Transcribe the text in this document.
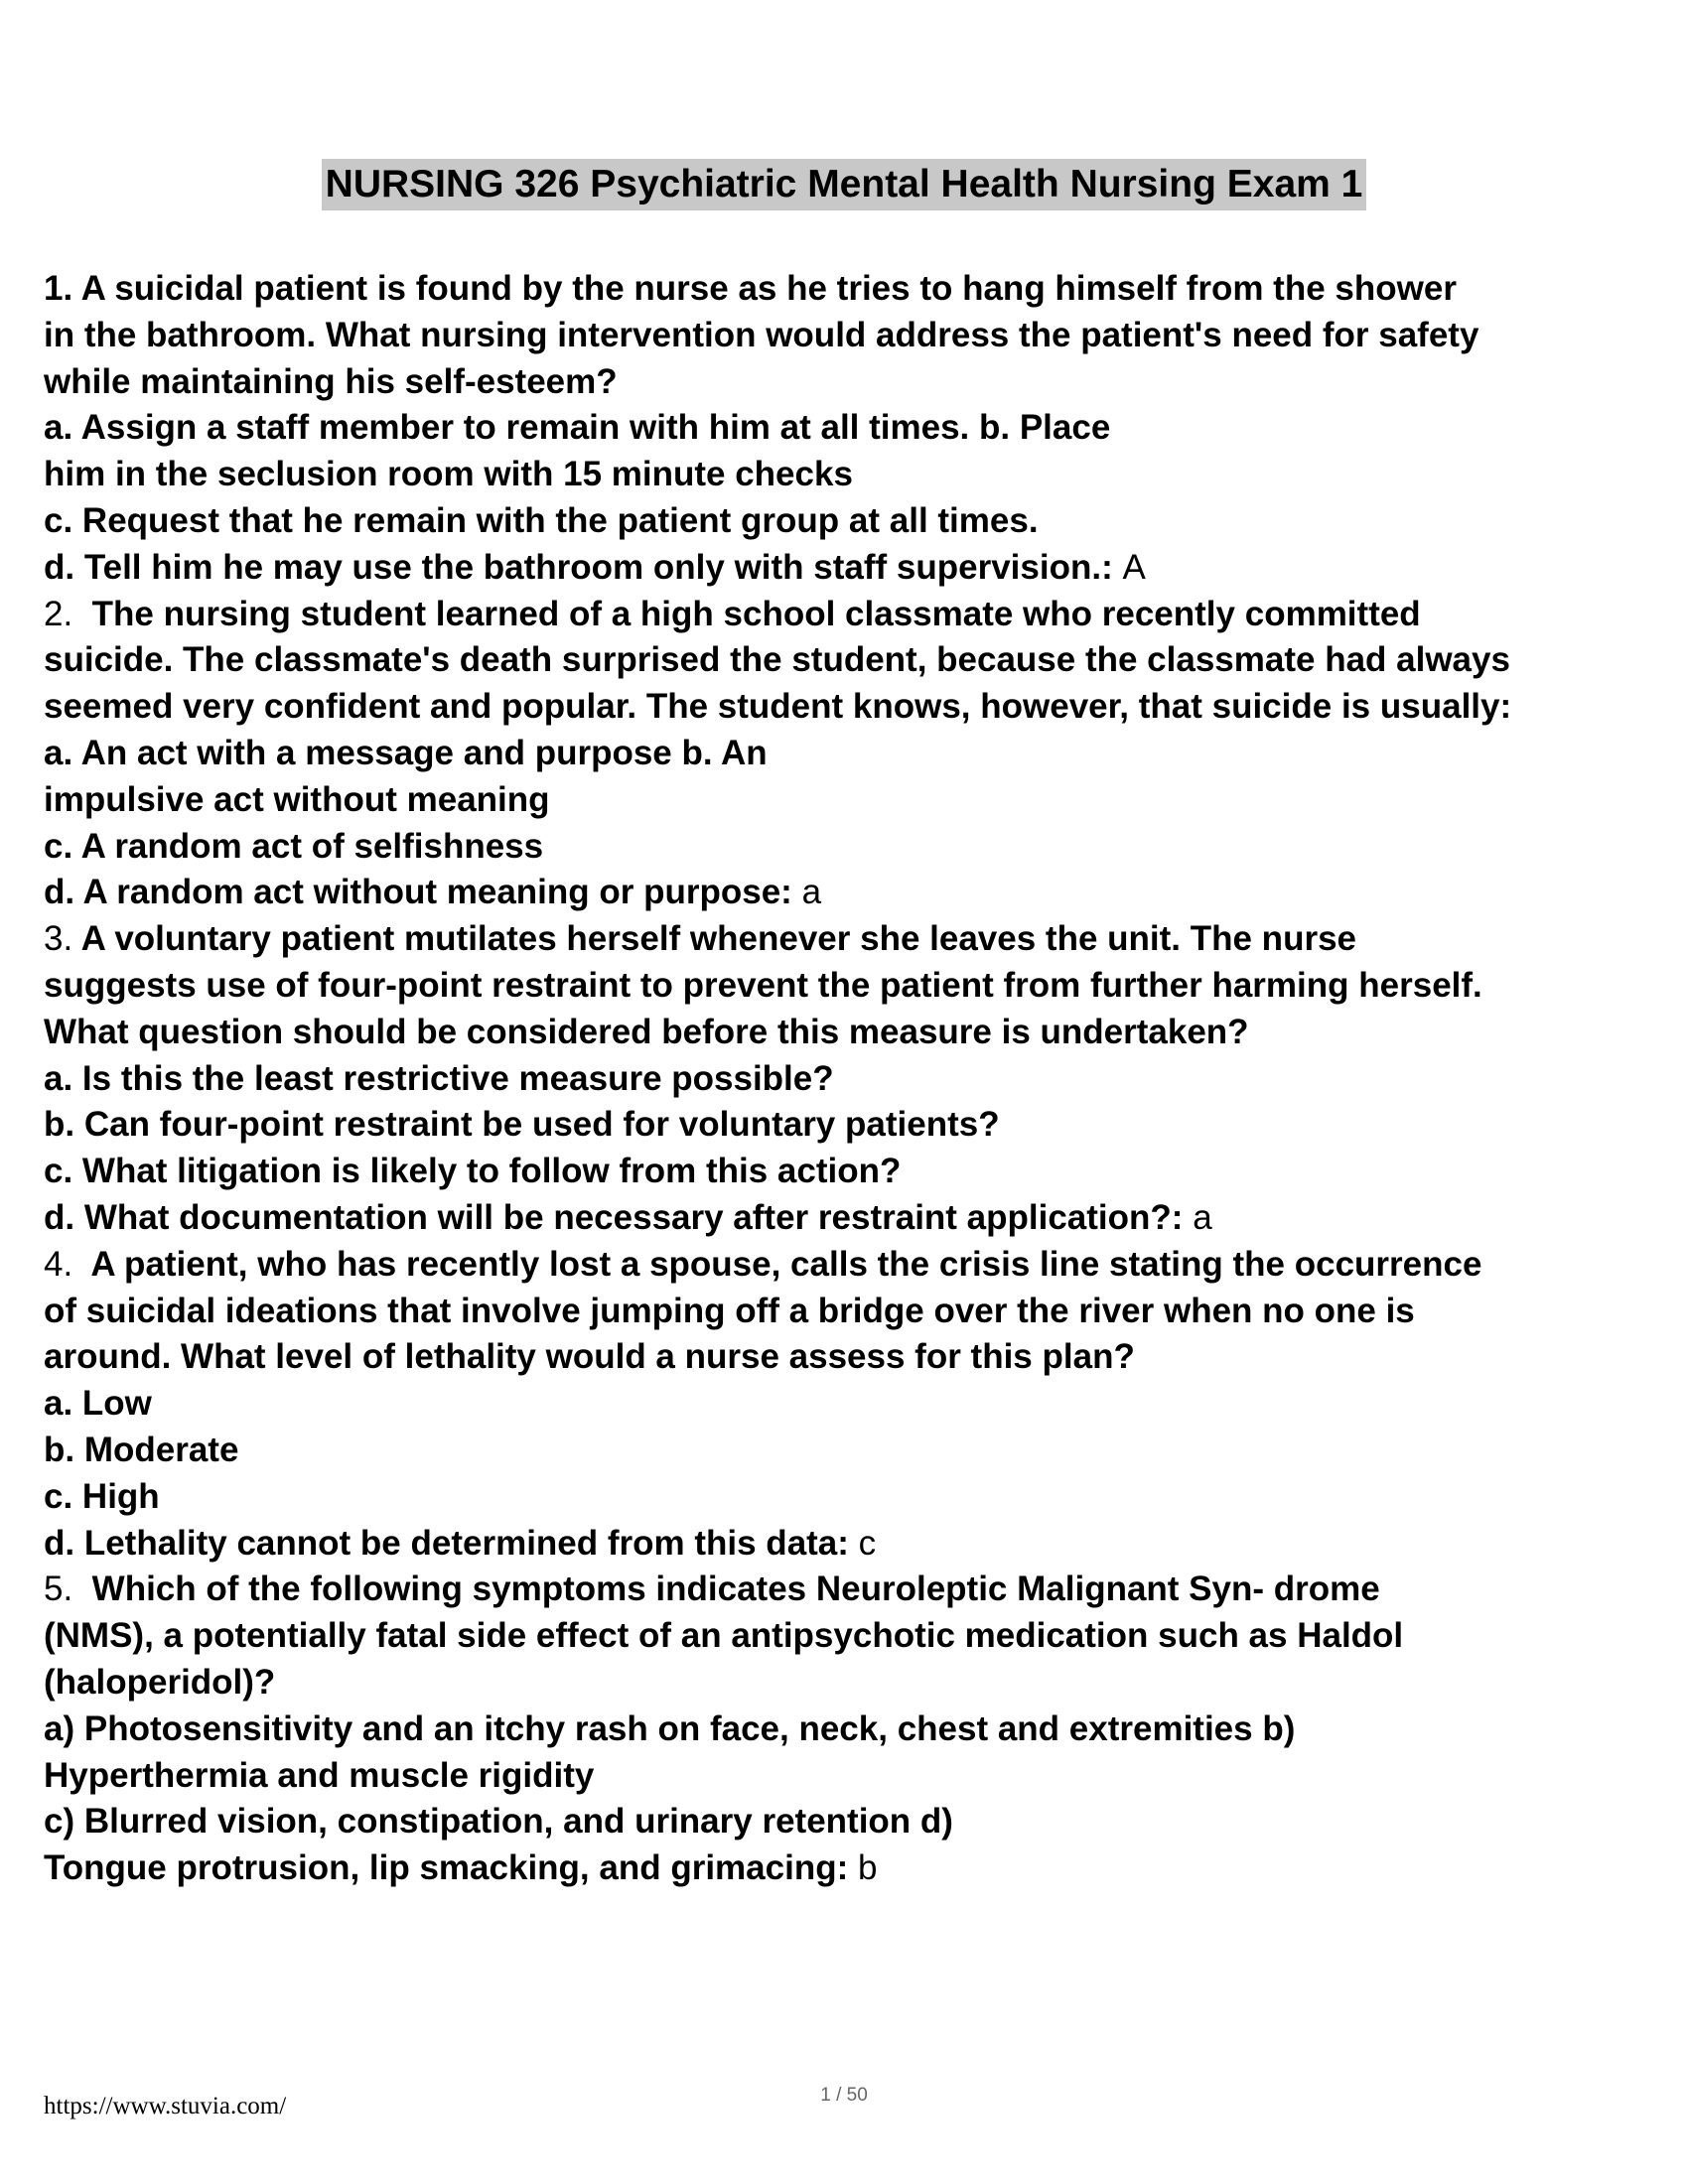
NURSING 326 Psychiatric Mental Health Nursing Exam 1
1. A suicidal patient is found by the nurse as he tries to hang himself from the shower
in the bathroom. What nursing intervention would address the patient's need for safety
while maintaining his self-esteem?
a. Assign a staff member to remain with him at all times. b. Place
him in the seclusion room with 15 minute checks
c. Request that he remain with the patient group at all times.
d. Tell him he may use the bathroom only with staff supervision.: A
2. The nursing student learned of a high school classmate who recently committed
suicide. The classmate's death surprised the student, because the classmate had always
seemed very confident and popular. The student knows, however, that suicide is usually:
a. An act with a message and purpose b. An
impulsive act without meaning
c. A random act of selfishness
d. A random act without meaning or purpose: a
3. A voluntary patient mutilates herself whenever she leaves the unit. The nurse
suggests use of four-point restraint to prevent the patient from further harming herself.
What question should be considered before this measure is undertaken?
a. Is this the least restrictive measure possible?
b. Can four-point restraint be used for voluntary patients?
c. What litigation is likely to follow from this action?
d. What documentation will be necessary after restraint application?: a
4. A patient, who has recently lost a spouse, calls the crisis line stating the occurrence
of suicidal ideations that involve jumping off a bridge over the river when no one is
around. What level of lethality would a nurse assess for this plan?
a. Low
b. Moderate
c. High
d. Lethality cannot be determined from this data: c
5. Which of the following symptoms indicates Neuroleptic Malignant Syn- drome
(NMS), a potentially fatal side effect of an antipsychotic medication such as Haldol
(haloperidol)?
a) Photosensitivity and an itchy rash on face, neck, chest and extremities b)
Hyperthermia and muscle rigidity
c) Blurred vision, constipation, and urinary retention d)
Tongue protrusion, lip smacking, and grimacing: b
https://www.stuvia.com/	1 / 50
